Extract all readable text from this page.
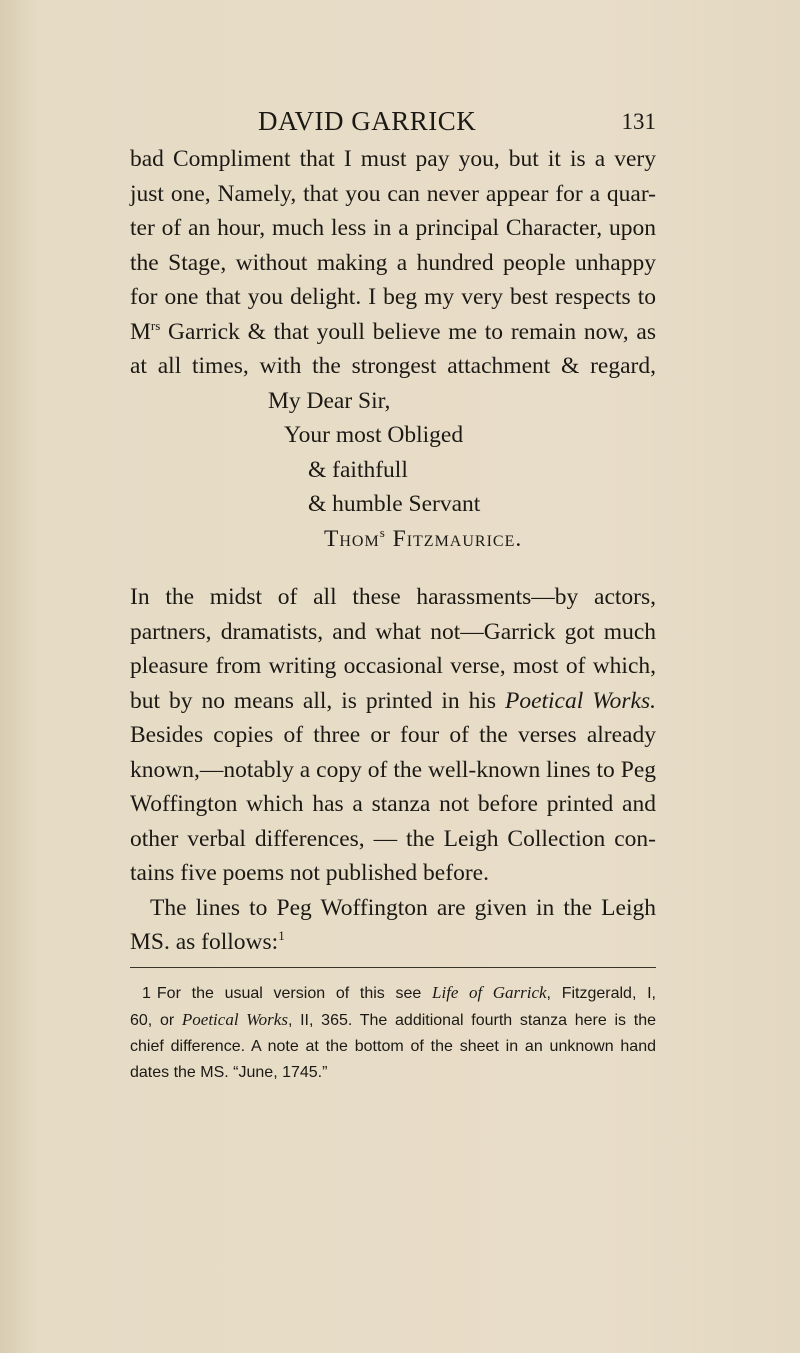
DAVID GARRICK	131

bad Compliment that I must pay you, but it is a very

just one, Namely, that you can never appear for a quar-

ter of an hour, much less in a principal Character, upon

the Stage, without making a hundred people unhappy

for one that you delight. I beg my very best respects to

$M^{rs}$ Garrick & that youll believe me to remain now, as

at all times, with the strongest attachment & regard,

My Dear Sir,
Your most Obliged
& faithfull
& humble Servant
Thom$^s$ Fitzmaurice.

In the midst of all these harassments—by actors,

partners, dramatists, and what not—Garrick got much

pleasure from writing occasional verse, most of which,

but by no means all, is printed in his Poetical Works.

Besides copies of three or four of the verses already

known,—notably a copy of the well-known lines to Peg

Woffington which has a stanza not before printed and

other verbal differences, — the Leigh Collection con-

tains five poems not published before.

The lines to Peg Woffington are given in the Leigh

MS. as follows:$^1$

1 For the usual version of this see Life of Garrick, Fitzgerald, I,
60, or Poetical Works, II, 365. The additional fourth stanza here is the
chief difference. A note at the bottom of the sheet in an unknown hand
dates the MS. “June, 1745.”
